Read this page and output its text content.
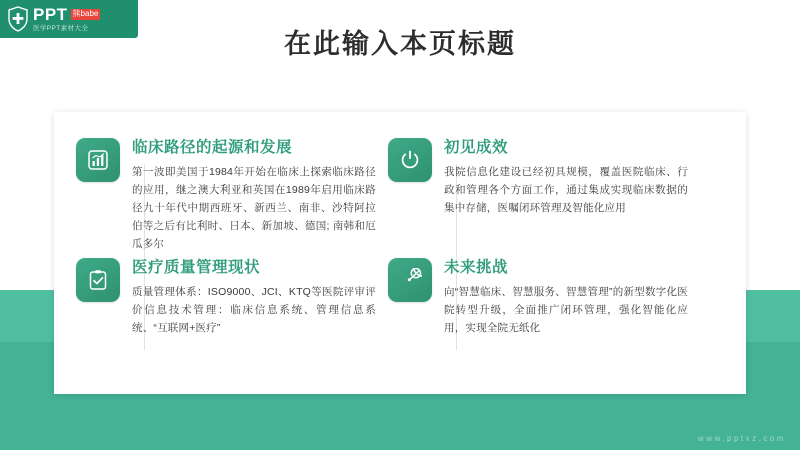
PPT 熊babe
医学PPT素材大全
在此输入本页标题
临床路径的起源和发展
第一波即美国于1984年开始在临床上探索临床路径的应用，继之澳大利亚和英国在1989年启用临床路径九十年代中期西班牙、新西兰、南非、沙特阿拉伯等之后有比利时、日本、新加坡、德国; 南韩和厄瓜多尔
医疗质量管理现状
质量管理体系：ISO9000、JCI、KTQ等医院评审评价信息技术管理：临床信息系统、管理信息系统、“互联网+医疗”
初见成效
我院信息化建设已经初具规模，覆盖医院临床、行政和管理各个方面工作，通过集成实现临床数据的集中存储，医嘱闭环管理及智能化应用
未来挑战
向“智慧临床、智慧服务、智慧管理”的新型数字化医院转型升级，全面推广闭环管理，强化智能化应用，实现全院无纸化
www.pptxz.com
